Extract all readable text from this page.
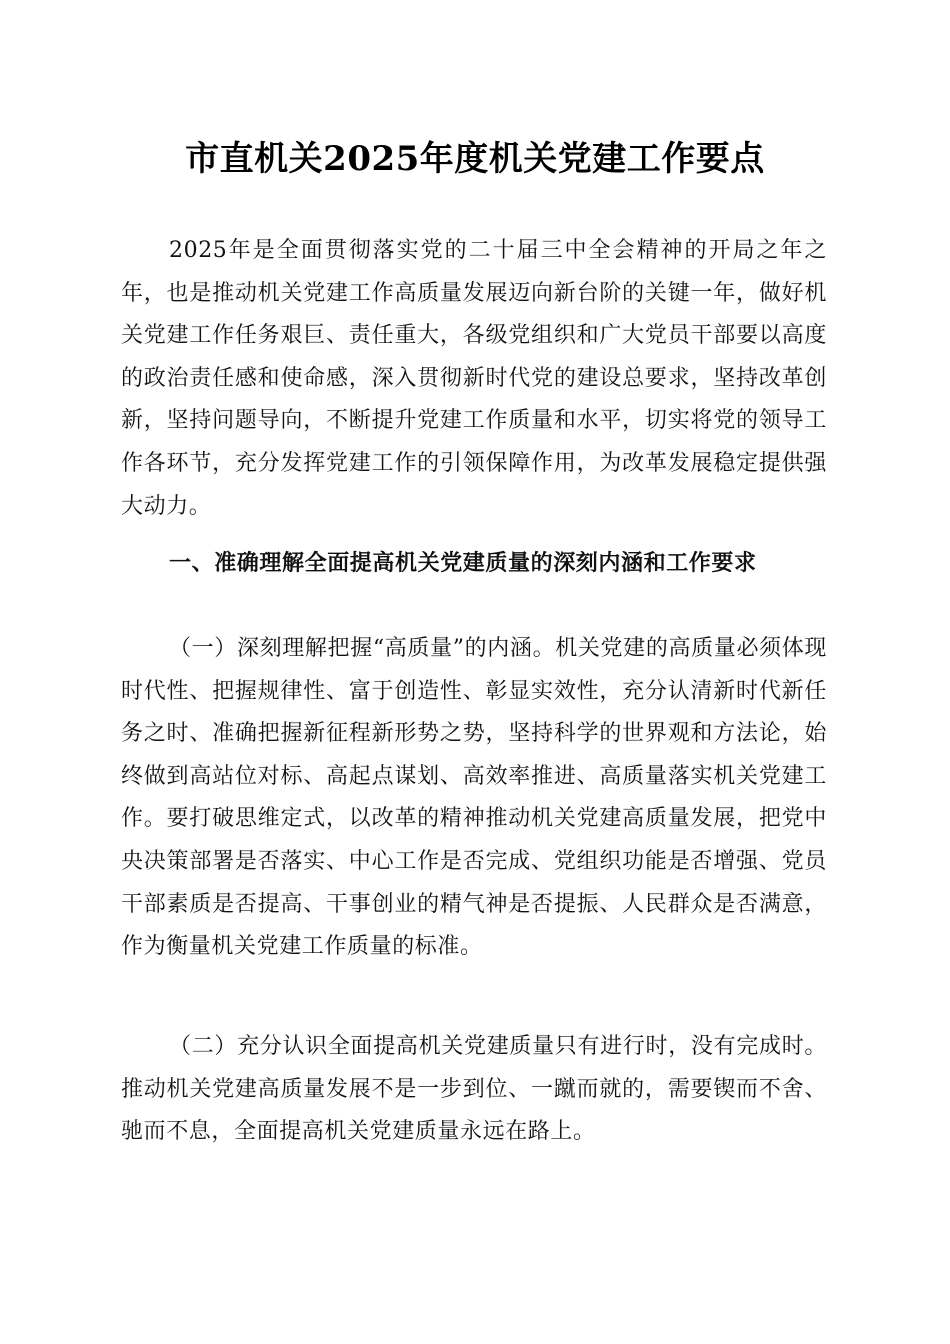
市直机关2025年度机关党建工作要点
2025年是全面贯彻落实党的二十届三中全会精神的开局之年之年，也是推动机关党建工作高质量发展迈向新台阶的关键一年，做好机关党建工作任务艰巨、责任重大，各级党组织和广大党员干部要以高度的政治责任感和使命感，深入贯彻新时代党的建设总要求，坚持改革创新，坚持问题导向，不断提升党建工作质量和水平，切实将党的领导工作各环节，充分发挥党建工作的引领保障作用，为改革发展稳定提供强大动力。
一、准确理解全面提高机关党建质量的深刻内涵和工作要求
（一）深刻理解把握“高质量”的内涵。机关党建的高质量必须体现时代性、把握规律性、富于创造性、彰显实效性，充分认清新时代新任务之时、准确把握新征程新形势之势，坚持科学的世界观和方法论，始终做到高站位对标、高起点谋划、高效率推进、高质量落实机关党建工作。要打破思维定式，以改革的精神推动机关党建高质量发展，把党中央决策部署是否落实、中心工作是否完成、党组织功能是否增强、党员干部素质是否提高、干事创业的精气神是否提振、人民群众是否满意，作为衡量机关党建工作质量的标准。
（二）充分认识全面提高机关党建质量只有进行时，没有完成时。推动机关党建高质量发展不是一步到位、一蹴而就的，需要锲而不舍、驰而不息，全面提高机关党建质量永远在路上。
